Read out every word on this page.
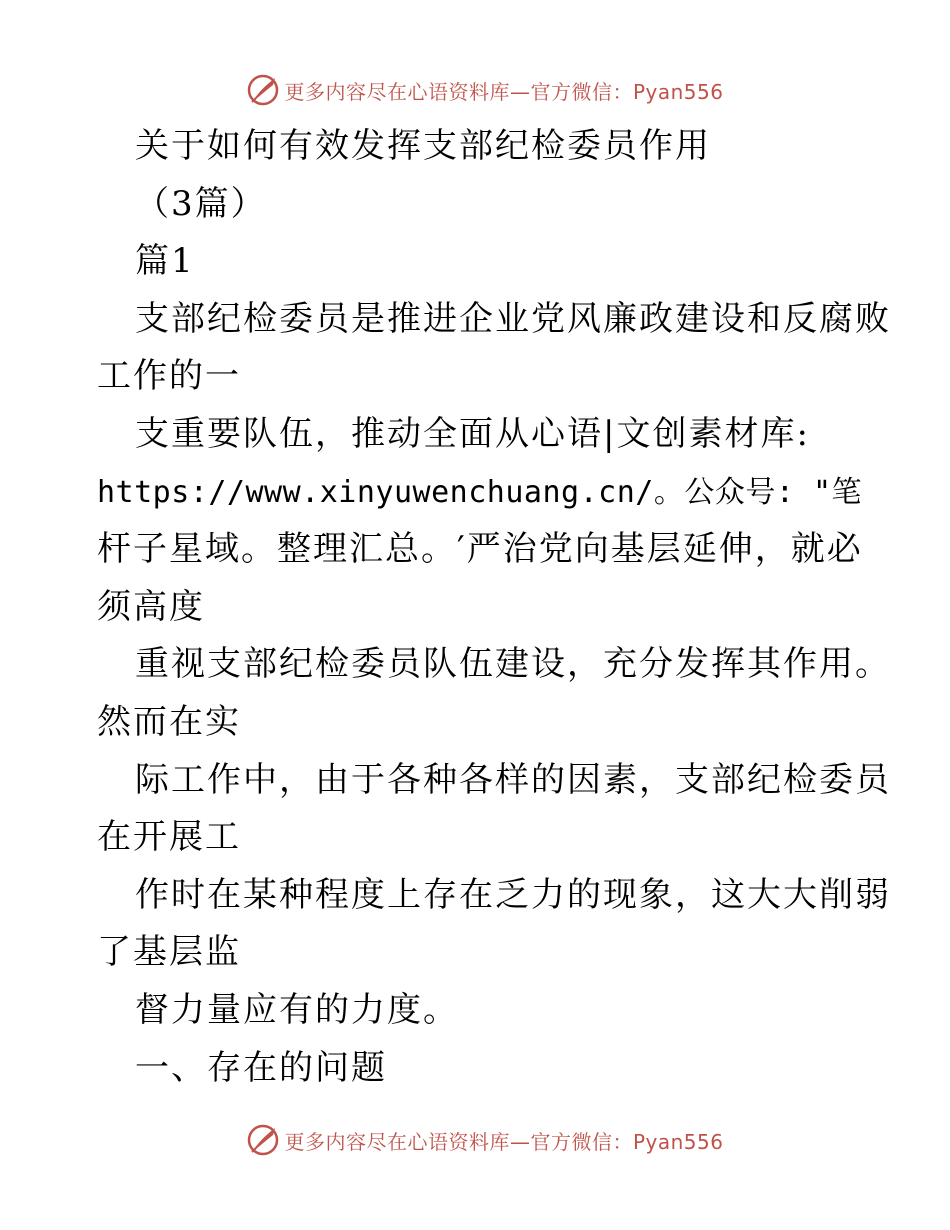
更多内容尽在心语资料库—官方微信：Pyan556
关于如何有效发挥支部纪检委员作用
（3篇）
篇1
支部纪检委员是推进企业党风廉政建设和反腐败
工作的一
支重要队伍，推动全面从心语|文创素材库:
https://www.xinyuwenchuang.cn/。公众号: "笔
杆子星域。整理汇总。′严治党向基层延伸，就必
须高度
重视支部纪检委员队伍建设，充分发挥其作用。
然而在实
际工作中，由于各种各样的因素，支部纪检委员
在开展工
作时在某种程度上存在乏力的现象，这大大削弱
了基层监
督力量应有的力度。
一、存在的问题
更多内容尽在心语资料库—官方微信：Pyan556
